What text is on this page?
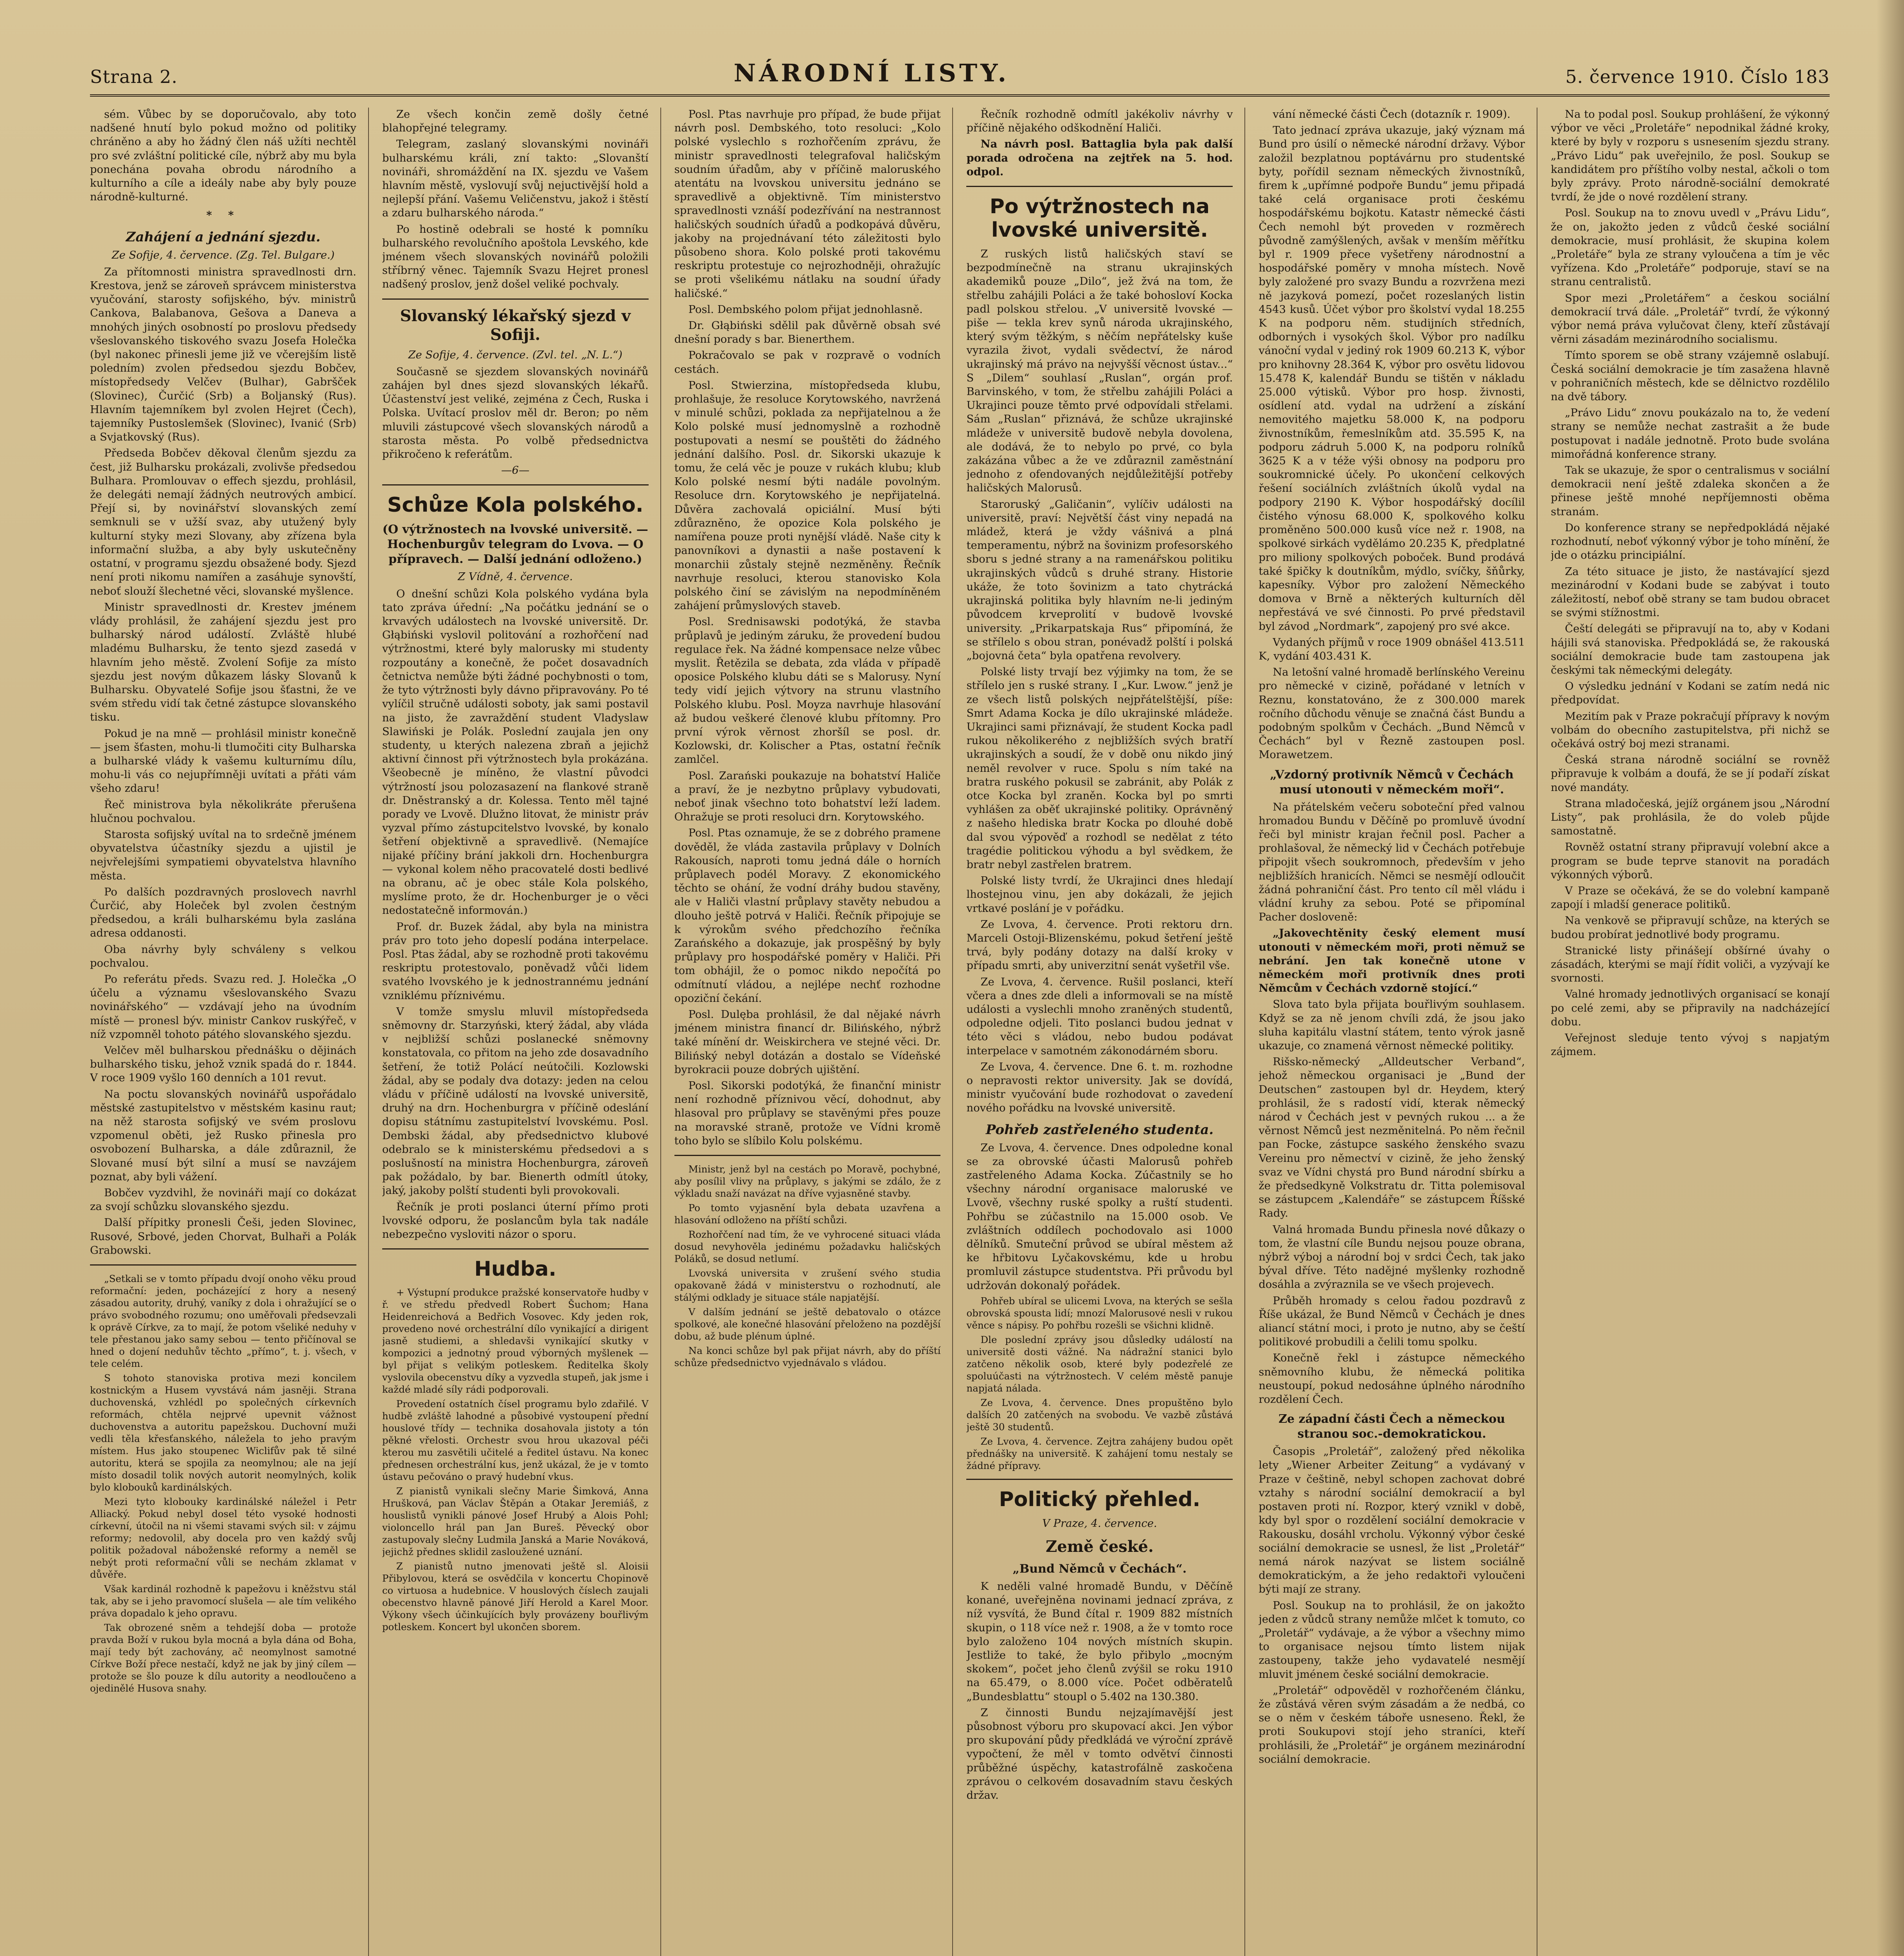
Strana 2.	NÁRODNÍ LISTY.	5. července 1910. Číslo 183

sém. Vůbec by se doporučovalo, aby toto nadšené hnutí bylo pokud možno od politiky chráněno a aby ho žádný člen náš užíti nechtěl pro své zvláštní politické cíle, nýbrž aby mu byla ponechána povaha obrodu národního a kulturního a cíle a ideály nabe aby byly pouze národně-kulturné.

* *
Zahájení a jednání sjezdu.
Ze Sofije, 4. července. (Zg. Tel. Bulgare.)

Za přítomnosti ministra spravedlnosti drn. Krestova, jenž se zároveň správcem ministerstva vyučování, starosty sofijského, býv. ministrů Cankova, Balabanova, Gešova a Daneva a mnohých jiných osobností po proslovu předsedy všeslovanského tiskového svazu Josefa Holečka (byl nakonec přinesli jeme již ve včerejším listě poledním) zvolen předsedou sjezdu Bobčev, místopředsedy Velčev (Bulhar), Gabršček (Slovinec), Čurčić (Srb) a Boljanský (Rus). Hlavním tajemníkem byl zvolen Hejret (Čech), tajemníky Pustoslemšek (Slovinec), Ivanić (Srb) a Svjatkovský (Rus).

Předseda Bobčev děkoval členům sjezdu za čest, již Bulharsku prokázali, zvolivše předsedou Bulhara. Promlouvav o effech sjezdu, prohlásil, že delegáti nemají žádných neutrových ambicí. Přejí si, by novinářství slovanských zemí semknuli se v užší svaz, aby utužený byly kulturní styky mezi Slovany, aby zřízena byla informační služba, a aby byly uskutečněny ostatní, v programu sjezdu obsažené body. Sjezd není proti nikomu namířen a zasáhuje synovští, neboť slouží šlechetné věci, slovanské myšlence.

Ministr spravedlnosti dr. Krestev jménem vlády prohlásil, že zahájení sjezdu jest pro bulharský národ událostí. Zvláště hlubé mladému Bulharsku, že tento sjezd zasedá v hlavním jeho městě. Zvolení Sofije za místo sjezdu jest novým důkazem lásky Slovanů k Bulharsku. Obyvatelé Sofije jsou šťastni, že ve svém středu vidí tak četné zástupce slovanského tisku.

Pokud je na mně — prohlásil ministr konečně — jsem šťasten, mohu-li tlumočiti city Bulharska a bulharské vlády k vašemu kulturnímu dílu, mohu-li vás co nejupřímněji uvítati a přáti vám všeho zdaru!

Řeč ministrova byla několikráte přerušena hlučnou pochvalou.

Starosta sofijský uvítal na to srdečně jménem obyvatelstva účastníky sjezdu a ujistil je nejvřelejšími sympatiemi obyvatelstva hlavního města.

Po dalších pozdravných proslovech navrhl Čurčić, aby Holeček byl zvolen čestným předsedou, a králi bulharskému byla zaslána adresa oddanosti.

Oba návrhy byly schváleny s velkou pochvalou.

Po referátu předs. Svazu red. J. Holečka „O účelu a významu všeslovanského Svazu novinářského“ — vzdávají jeho na úvodním místě — pronesl býv. ministr Cankov ruskýřeč, v níž vzpomněl tohoto pátého slovanského sjezdu.

Velčev měl bulharskou přednášku o dějinách bulharského tisku, jehož vznik spadá do r. 1844. V roce 1909 vyšlo 160 denních a 101 revut.

Na poctu slovanských novinářů uspořádalo městské zastupitelstvo v městském kasinu raut; na něž starosta sofijský ve svém proslovu vzpomenul oběti, jež Rusko přinesla pro osvobození Bulharska, a dále zdůraznil, že Slované musí být silní a musí se navzájem poznat, aby byli vážení.

Bobčev vyzdvihl, že novináři mají co dokázat za svojí schůzku slovanského sjezdu.

Další přípitky pronesli Češi, jeden Slovinec, Rusové, Srbové, jeden Chorvat, Bulhaři a Polák Grabowski.

„Setkali se v tomto případu dvojí onoho věku proud reformační: jeden, pocházející z hory a nesený zásadou autority, druhý, vaníky z dola i ohražující se o právo svobodného rozumu; ono uměřovali předsevzali k oprávě Církve, za to mají, že potom všeliké neduhy v tele přestanou jako samy sebou — tento přičínoval se hned o dojení neduhův těchto „přímo“, t. j. všech, v tele celém.

S tohoto stanoviska protiva mezi koncilem kostnickým a Husem vyvstává nám jasněji. Strana duchovenská, vzhlédl po společných církevních reformách, chtěla nejprvé upevnit vážnost duchovenstva a autoritu papežskou. Duchovní muži vedli těla křesťanského, náležela to jeho pravým místem. Hus jako stoupenec Wiclifův pak tě silné autoritu, která se spojila za neomylnou; ale na její místo dosadil tolik nových autorit neomylných, kolik bylo klobouků kardinálských.

Mezi tyto klobouky kardinálské náležel i Petr Alliacký. Pokud nebyl dosel této vysoké hodnosti církevní, útočil na ni všemi stavami svých sil: v zájmu reformy; nedovolil, aby docela pro ven každý svůj politik požadoval náboženské reformy a neměl se nebýt proti reformační vůli se nechám zklamat v důvěře.

Však kardinál rozhodně k papežovu i kněžstvu stál tak, aby se i jeho pravomocí slušela — ale tím velikého práva dopadalo k jeho opravu.

Tak obrozené sněm a tehdejší doba — protože pravda Boží v rukou byla mocná a byla dána od Boha, mají tedy být zachovány, ač neomylnost samotné Církve Boží přece nestačí, když ne jak by jiný cílem — protože se šlo pouze k dílu autority a neodloučeno a ojedinělé Husova snahy.

Ze všech končin země došly četné blahopřejné telegramy.

Telegram, zaslaný slovanskými novináři bulharskému králi, zní takto: „Slovanští novináři, shromáždění na IX. sjezdu ve Vašem hlavním městě, vyslovují svůj nejuctivější hold a nejlepší přání. Vašemu Veličenstvu, jakož i štěstí a zdaru bulharského národa.“

Po hostině odebrali se hosté k pomníku bulharského revolučního apoštola Levského, kde jménem všech slovanských novinářů položili stříbrný věnec. Tajemník Svazu Hejret pronesl nadšený proslov, jenž došel veliké pochvaly.

Slovanský lékařský sjezd v Sofiji.
Ze Sofije, 4. července. (Zvl. tel. „N. L.“)

Současně se sjezdem slovanských novinářů zahájen byl dnes sjezd slovanských lékařů. Účastenství jest veliké, zejména z Čech, Ruska i Polska. Uvítací proslov měl dr. Beron; po něm mluvili zástupcové všech slovanských národů a starosta města. Po volbě předsednictva přikročeno k referátům.

—6—
Schůze Kola polského.
(O výtržnostech na lvovské universitě. — Hochenburgův telegram do Lvova. — O přípravech. — Další jednání odloženo.)
Z Vídně, 4. července.

O dnešní schůzi Kola polského vydána byla tato zpráva úřední: „Na počátku jednání se o krvavých událostech na lvovské universitě. Dr. Głąbiński vyslovil politování a rozhořčení nad výtržnostmi, které byly malorusky mi studenty rozpoutány a konečně, že počet dosavadních četnictva nemůže býti žádné pochybnosti o tom, že tyto výtržnosti byly dávno připravovány. Po té vylíčil stručně události soboty, jak sami postavil na jisto, že zavraždění student Vladyslaw Slawiński je Polák. Poslední zaujala jen ony studenty, u kterých nalezena zbraň a jejichž aktivní činnost při výtržnostech byla prokázána. Všeobecně je míněno, že vlastní původci výtržností jsou polozasazení na flankové straně dr. Dněstranský a dr. Kolessa. Tento měl tajné porady ve Lvově. Dlužno litovat, že ministr práv vyzval přímo zástupcitelstvo lvovské, by konalo šetření objektivně a spravedlivě. (Nemajíce nijaké příčiny brání jakkoli drn. Hochenburgra — vykonal kolem něho pracovatelé dosti bedlivé na obranu, ač je obec stále Kola polského, myslíme proto, že dr. Hochenburger je o věci nedostatečně informován.)

Prof. dr. Buzek žádal, aby byla na ministra práv pro toto jeho dopeslí podána interpelace. Posl. Ptas žádal, aby se rozhodně proti takovému reskriptu protestovalo, poněvadž vůči lidem svatého lvovského je k jednostrannému jednání vzniklému příznivému.

V tomže smyslu mluvil místopředseda sněmovny dr. Starzyński, který žádal, aby vláda v nejbližší schůzi poslanecké sněmovny konstatovala, co přitom na jeho zde dosavadního šetření, že totiž Polácí neútočili. Kozlowski žádal, aby se podaly dva dotazy: jeden na celou vládu v příčině událostí na lvovské universitě, druhý na drn. Hochenburgra v příčině odeslání dopisu státnímu zastupitelství lvovskému. Posl. Dembski žádal, aby předsednictvo klubové odebralo se k ministerskému předsedovi a s poslušností na ministra Hochenburgra, zároveň pak požádalo, by bar. Bienerth odmítl útoky, jaký, jakoby polští studenti byli provokovali.

Řečník je proti poslanci úterní přímo proti lvovské odporu, že poslancům byla tak nadále nebezpečno vysloviti názor o sporu.

Hudba.

+ Výstupní produkce pražské konservatoře hudby v ř. ve středu předvedl Robert Šuchom; Hana Heidenreichová a Bedřich Vosovec. Kdy jeden rok, provedeno nové orchestrální dílo vynikající a dirigent jasně studiemi, a shledavši vynikající skutky v kompozici a jednotný proud výborných myšlenek — byl přijat s velikým potleskem. Ředitelka školy vyslovila obecenstvu díky a vyzvedla stupeň, jak jsme i každé mladé síly rádi podporovali.

Provedení ostatních čísel programu bylo zdařilé. V hudbě zvláště lahodné a působivé vystoupení přední houslové třídy — technika dosahovala jistoty a tón pěkné vřelosti. Orchestr svou hrou ukazoval péči kterou mu zasvětili učitelé a ředitel ústavu. Na konec přednesen orchestrální kus, jenž ukázal, že je v tomto ústavu pečováno o pravý hudební vkus.

Z pianistů vynikali slečny Marie Šimková, Anna Hrušková, pan Václav Štěpán a Otakar Jeremiáš, z houslistů vynikli pánové Josef Hrubý a Alois Pohl; violoncello hrál pan Jan Bureš. Pěvecký obor zastupovaly slečny Ludmila Janská a Marie Nováková, jejichž přednes sklidil zasloužené uznání.

Z pianistů nutno jmenovati ještě sl. Aloisii Přibylovou, která se osvědčila v koncertu Chopinově co virtuosa a hudebnice. V houslových číslech zaujali obecenstvo hlavně pánové Jiří Herold a Karel Moor. Výkony všech účinkujících byly provázeny bouřlivým potleskem. Koncert byl ukončen sborem.

Posl. Ptas navrhuje pro případ, že bude přijat návrh posl. Dembského, toto resoluci: „Kolo polské vyslechlo s rozhořčením zprávu, že ministr spravedlnosti telegrafoval haličským soudním úřadům, aby v příčině maloruského atentátu na lvovskou universitu jednáno se spravedlivě a objektivně. Tím ministerstvo spravedlnosti vznáší podezřívání na nestrannost haličských soudních úřadů a podkopává důvěru, jakoby na projednávaní této záležitosti bylo působeno shora. Kolo polské proti takovému reskriptu protestuje co nejrozhodněji, ohražujíc se proti všelikému nátlaku na soudní úřady haličské.“

Posl. Dembského polom přijat jednohlasně.

Dr. Głąbiński sdělil pak důvěrně obsah své dnešní porady s bar. Bienerthem.

Pokračovalo se pak v rozpravě o vodních cestách.

Posl. Stwierzina, místopředseda klubu, prohlašuje, že resoluce Korytowského, navržená v minulé schůzi, poklada za nepřijatelnou a že Kolo polské musí jednomyslně a rozhodně postupovati a nesmí se pouštěti do žádného jednání dalšího. Posl. dr. Sikorski ukazuje k tomu, že celá věc je pouze v rukách klubu; klub Kolo polské nesmí býti nadále povolným. Resoluce drn. Korytowského je nepřijatelná. Důvěra zachovalá opiciální. Musí býti zdůrazněno, že opozice Kola polského je namířena pouze proti nynější vládě. Naše city k panovníkovi a dynastii a naše postavení k monarchii zůstaly stejně nezměněny. Řečník navrhuje resoluci, kterou stanovisko Kola polského činí se závislým na nepodmíněném zahájení průmyslových staveb.

Posl. Srednisawski podotýká, že stavba průplavů je jediným záruku, že provedení budou regulace řek. Na žádné kompensace nelze vůbec myslit. Řetězila se debata, zda vláda v případě oposice Polského klubu dáti se s Malorusy. Nyní tedy vidí jejich výtvory na strunu vlastního Polského klubu. Posl. Moyza navrhuje hlasování až budou veškeré členové klubu přítomny. Pro první výrok věrnost zhoršíl se posl. dr. Kozlowski, dr. Kolischer a Ptas, ostatní řečník zamlčel.

Posl. Zarański poukazuje na bohatství Haliče a praví, že je nezbytno průplavy vybudovati, neboť jinak všechno toto bohatství leží ladem. Ohražuje se proti resoluci drn. Korytowského.

Posl. Ptas oznamuje, že se z dobrého pramene dověděl, že vláda zastavila průplavy v Dolních Rakousích, naproti tomu jedná dále o horních průplavech podél Moravy. Z ekonomického těchto se ohání, že vodní dráhy budou stavěny, ale v Haliči vlastní průplavy stavěty nebudou a dlouho ještě potrvá v Haliči. Řečník připojuje se k výrokům svého předchozího řečníka Zarańského a dokazuje, jak prospěšný by byly průplavy pro hospodářské poměry v Haliči. Při tom obhájil, že o pomoc nikdo nepočítá po odmítnutí vládou, a nejlépe nechť rozhodne opoziční čekání.

Posl. Dulęba prohlásil, že dal nějaké návrh jménem ministra financí dr. Bilińského, nýbrž také mínění dr. Weiskirchera ve stejné věci. Dr. Bilińský nebyl dotázán a dostalo se Vídeňské byrokracii pouze dobrých ujištění.

Posl. Sikorski podotýká, že finanční ministr není rozhodně příznivou věcí, dohodnut, aby hlasoval pro průplavy se stavěnými přes pouze na moravské straně, protože ve Vídni kromě toho bylo se slíbilo Kolu polskému.

Ministr, jenž byl na cestách po Moravě, pochybné, aby posílil vlivy na průplavy, s jakými se zdálo, že z výkladu snaží navázat na dříve vyjasněné stavby.

Po tomto vyjasnění byla debata uzavřena a hlasování odloženo na příští schůzi.

Rozhořčení nad tím, že ve vyhrocené situaci vláda dosud nevyhověla jedinému požadavku haličských Poláků, se dosud netlumí.

Lvovská universita v zrušení svého studia opakovaně žádá v ministerstvu o rozhodnutí, ale stálými odklady je situace stále napjatější.

V dalším jednání se ještě debatovalo o otázce spolkové, ale konečné hlasování přeloženo na pozdější dobu, až bude plénum úplné.

Na konci schůze byl pak přijat návrh, aby do příští schůze předsednictvo vyjednávalo s vládou.

Řečník rozhodně odmítl jakékoliv návrhy v příčině nějakého odškodnění Haliči.

Na návrh posl. Battaglia byla pak další porada odročena na zejtřek na 5. hod. odpol.

Po výtržnostech na lvovské universitě.

Z ruských listů haličských staví se bezpodmínečně na stranu ukrajinských akademiků pouze „Dilo“, jež žvá na tom, že střelbu zahájili Poláci a že také bohosloví Kocka padl polskou střelou. „V universitě lvovské — piše — tekla krev synů národa ukrajinského, který svým těžkým, s něčím nepřátelsky kuše vyrazila život, vydali svědectví, že národ ukrajinský má právo na nejvyšší věcnost ústav...“ S „Dilem“ souhlasí „Ruslan“, orgán prof. Barvinského, v tom, že střelbu zahájili Poláci a Ukrajinci pouze těmto prvé odpovídali střelami. Sám „Ruslan“ přiznává, že schůze ukrajinské mládeže v universitě budově nebyla dovolena, ale dodává, že to nebylo po prvé, co byla zakázána vůbec a že ve zdůraznil zaměstnání jednoho z ofendovaných nejdůležitější potřeby haličských Malorusů.

Staroruský „Galičanin“, vylíčiv události na universitě, praví: Největší část viny nepadá na mládež, která je vždy vášnivá a plná temperamentu, nýbrž na šovinizm profesorského sboru s jedné strany a na ramenářskou politiku ukrajinských vůdců s druhé strany. Historie ukáže, že toto šovinizm a tato chytrácká ukrajinská politika byly hlavním ne-li jediným původcem krveprolití v budově lvovské university. „Prikarpatskaja Rus“ připomíná, že se střílelo s obou stran, ponévadž polští i polská „bojovná četa“ byla opatřena revolvery.

Polské listy trvají bez výjimky na tom, že se střílelo jen s ruské strany. I „Kur. Lwow.“ jenž je ze všech listů polských nejpřátelštější, píše: Smrt Adama Kocka je dílo ukrajinské mládeže. Ukrajinci sami přiznávají, že student Kocka padl rukou několikerého z nejbližších svých bratří ukrajinských a soudí, že v době onu nikdo jiný neměl revolver v ruce. Spolu s ním také na bratra ruského pokusil se zabránit, aby Polák z otce Kocka byl zraněn. Kocka byl po smrti vyhlášen za oběť ukrajinské politiky. Oprávněný z našeho hlediska bratr Kocka po dlouhé době dal svou výpověď a rozhodl se nedělat z této tragédie politickou výhodu a byl svědkem, že bratr nebyl zastřelen bratrem.

Polské listy tvrdí, že Ukrajinci dnes hledají lhostejnou vinu, jen aby dokázali, že jejich vrtkavé poslání je v pořádku.

Ze Lvova, 4. července. Proti rektoru drn. Marceli Ostoji-Blizenskému, pokud šetření ještě trvá, byly podány dotazy na další kroky v případu smrti, aby univerzitní senát vyšetřil vše.

Ze Lvova, 4. července. Rušil poslanci, kteří včera a dnes zde dleli a informovali se na místě události a vyslechli mnoho zraněných studentů, odpoledne odjeli. Tito poslanci budou jednat v této věci s vládou, nebo budou podávat interpelace v samotném zákonodárném sboru.

Ze Lvova, 4. července. Dne 6. t. m. rozhodne o nepravosti rektor university. Jak se dovídá, ministr vyučování bude rozhodovat o zavedení nového pořádku na lvovské universitě.

Pohřeb zastřeleného studenta.

Ze Lvova, 4. července. Dnes odpoledne konal se za obrovské účasti Malorusů pohřeb zastřeleného Adama Kocka. Zúčastnily se ho všechny národní organisace maloruské ve Lvově, všechny ruské spolky a ruští studenti. Pohřbu se zúčastnilo na 15.000 osob. Ve zvláštních oddílech pochodovalo asi 1000 dělníků. Smuteční průvod se ubíral městem až ke hřbitovu Lyčakovskému, kde u hrobu promluvil zástupce studentstva. Při průvodu byl udržován dokonalý pořádek.

Pohřeb ubíral se ulicemi Lvova, na kterých se sešla obrovská spousta lidí; mnozí Malorusové nesli v rukou věnce s nápisy. Po pohřbu rozešli se všichni klidně.

Dle poslední zprávy jsou důsledky událostí na universitě dosti vážné. Na nádražní stanici bylo zatčeno několik osob, které byly podezřelé ze spoluúčasti na výtržnostech. V celém městě panuje napjatá nálada.

Ze Lvova, 4. července. Dnes propuštěno bylo dalších 20 zatčených na svobodu. Ve vazbě zůstává ještě 30 studentů.

Ze Lvova, 4. července. Zejtra zahájeny budou opět přednášky na universitě. K zahájení tomu nestaly se žádné přípravy.

Politický přehled.
V Praze, 4. července.
Země české.
„Bund Němců v Čechách“.

K neděli valné hromadě Bundu, v Děčíně konané, uveřejněna novinami jednací zpráva, z níž vysvítá, že Bund čítal r. 1909 882 místních skupin, o 118 více než r. 1908, a že v tomto roce bylo založeno 104 nových místních skupin. Jestliže to také, že bylo přibylo „mocným skokem“, počet jeho členů zvýšil se roku 1910 na 65.479, o 8.000 více. Počet odběratelů „Bundesblattu“ stoupl o 5.402 na 130.380.

Z činnosti Bundu nejzajímavější jest působnost výboru pro skupovací akci. Jen výbor pro skupování půdy předkládá ve výroční zprávě vypočtení, že měl v tomto odvětví činnosti průběžné úspěchy, katastrofálně zaskočena zprávou o celkovém dosavadním stavu českých držav.

vání německé části Čech (dotazník r. 1909).

Tato jednací zpráva ukazuje, jaký význam má Bund pro úsilí o německé národní državy. Výbor založil bezplatnou poptávárnu pro studentské byty, pořídil seznam německých živnostníků, firem k „upřímné podpoře Bundu“ jemu připadá také celá organisace proti českému hospodářskému bojkotu. Katastr německé části Čech nemohl být proveden v rozměrech původně zamýšlených, avšak v menším měřítku byl r. 1909 přece vyšetřeny národnostní a hospodářské poměry v mnoha místech. Nově byly založené pro svazy Bundu a rozvržena mezi ně jazyková pomezí, počet rozeslaných listin 4543 kusů. Účet výbor pro školství vydal 18.255 K na podporu něm. studijních středních, odborných i vysokých škol. Výbor pro nadílku vánoční vydal v jediný rok 1909 60.213 K, výbor pro knihovny 28.364 K, výbor pro osvětu lidovou 15.478 K, kalendář Bundu se tištěn v nákladu 25.000 výtisků. Výbor pro hosp. živnosti, osídlení atd. vydal na udržení a získání nemovitého majetku 58.000 K, na podporu živnostníkům, řemeslníkům atd. 35.595 K, na podporu zádruh 5.000 K, na podporu rolníků 3625 K a v téže výši obnosy na podporu pro soukromnické účely. Po ukončení celkových řešení sociálních zvláštních úkolů vydal na podpory 2190 K. Výbor hospodářský docílil čistého výnosu 68.000 K, spolkového kolku proměněno 500.000 kusů více než r. 1908, na spolkové sirkách vydělámo 20.235 K, předplatné pro miliony spolkových poboček. Bund prodává také špičky k doutníkům, mýdlo, svíčky, šňůrky, kapesníky. Výbor pro založení Německého domova v Brně a některých kulturních děl nepřestává ve své činnosti. Po prvé představil byl závod „Nordmark“, zapojený pro své akce.

Vydaných příjmů v roce 1909 obnášel 413.511 K, vydání 403.431 K.

Na letošní valné hromadě berlínského Vereinu pro německé v cizině, pořádané v letních v Reznu, konstatováno, že z 300.000 marek ročního důchodu věnuje se značná část Bundu a podobným spolkům v Čechách. „Bund Němců v Čechách“ byl v Řezně zastoupen posl. Morawetzem.

„Vzdorný protivník Němců v Čechách musí utonouti v německém moři“.

Na přátelském večeru soboteční před valnou hromadou Bundu v Děčíně po promluvě úvodní řeči byl ministr krajan řečnil posl. Pacher a prohlašoval, že německý lid v Čechách potřebuje připojit všech soukromnoch, především v jeho nejbližších hranicích. Němci se nesmějí odloučit žádná pohraniční část. Pro tento cíl měl vládu i vládní kruhy za sebou. Poté se připomínal Pacher dosloveně:

„Jakovechtěnity český element musí utonouti v německém moři, proti němuž se nebrání. Jen tak konečně utone v německém moři protivník dnes proti Němcům v Čechách vzdorně stojící.“

Slova tato byla přijata bouřlivým souhlasem. Když se za ně jenom chvíli zdá, že jsou jako sluha kapitálu vlastní státem, tento výrok jasně ukazuje, co znamená věrnost německé politiky.

Rišsko-německý „Alldeutscher Verband“, jehož německou organisaci je „Bund der Deutschen“ zastoupen byl dr. Heydem, který prohlásil, že s radostí vidí, kterak německý národ v Čechách jest v pevných rukou ... a že věrnost Němců jest nezměnitelná. Po něm řečnil pan Focke, zástupce saského ženského svazu Vereinu pro němectví v cizině, že jeho ženský svaz ve Vídni chystá pro Bund národní sbírku a že předsedkyně Volkstratu dr. Titta polemisoval se zástupcem „Kalendáře“ se zástupcem Říšské Rady.

Valná hromada Bundu přinesla nové důkazy o tom, že vlastní cíle Bundu nejsou pouze obrana, nýbrž výboj a národní boj v srdci Čech, tak jako býval dříve. Této nadějné myšlenky rozhodně dosáhla a zvýraznila se ve všech projevech.

Průběh hromady s celou řadou pozdravů z Říše ukázal, že Bund Němců v Čechách je dnes aliancí státní moci, i proto je nutno, aby se čeští politikové probudili a čelili tomu spolku.

Konečně řekl i zástupce německého sněmovního klubu, že německá politika neustoupí, pokud nedosáhne úplného národního rozdělení Čech.

Ze západní části Čech a německou stranou soc.-demokratickou.

Časopis „Proletář“, založený před několika lety „Wiener Arbeiter Zeitung“ a vydávaný v Praze v češtině, nebyl schopen zachovat dobré vztahy s národní sociální demokracií a byl postaven proti ní. Rozpor, který vznikl v době, kdy byl spor o rozdělení sociální demokracie v Rakousku, dosáhl vrcholu. Výkonný výbor české sociální demokracie se usnesl, že list „Proletář“ nemá nárok nazývat se listem sociálně demokratickým, a že jeho redaktoři vyloučeni býti mají ze strany.

Posl. Soukup na to prohlásil, že on jakožto jeden z vůdců strany nemůže mlčet k tomuto, co „Proletář“ vydávaje, a že výbor a všechny mimo to organisace nejsou tímto listem nijak zastoupeny, takže jeho vydavatelé nesmějí mluvit jménem české sociální demokracie.

„Proletář“ odpověděl v rozhořčeném článku, že zůstává věren svým zásadám a že nedbá, co se o něm v českém táboře usneseno. Řekl, že proti Soukupovi stojí jeho straníci, kteří prohlásili, že „Proletář“ je orgánem mezinárodní sociální demokracie.

Na to podal posl. Soukup prohlášení, že výkonný výbor ve věci „Proletáře“ nepodnikal žádné kroky, které by byly v rozporu s usnesením sjezdu strany. „Právo Lidu“ pak uveřejnilo, že posl. Soukup se kandidátem pro příštího volby nestal, ačkoli o tom byly zprávy. Proto národně-sociální demokraté tvrdí, že jde o nové rozdělení strany.

Posl. Soukup na to znovu uvedl v „Právu Lidu“, že on, jakožto jeden z vůdců české sociální demokracie, musí prohlásit, že skupina kolem „Proletáře“ byla ze strany vyloučena a tím je věc vyřízena. Kdo „Proletáře“ podporuje, staví se na stranu centralistů.

Spor mezi „Proletářem“ a českou sociální demokracií trvá dále. „Proletář“ tvrdí, že výkonný výbor nemá práva vylučovat členy, kteří zůstávají věrni zásadám mezinárodního socialismu.

Tímto sporem se obě strany vzájemně oslabují. Česká sociální demokracie je tím zasažena hlavně v pohraničních městech, kde se dělnictvo rozdělilo na dvě tábory.

„Právo Lidu“ znovu poukázalo na to, že vedení strany se nemůže nechat zastrašit a že bude postupovat i nadále jednotně. Proto bude svolána mimořádná konference strany.

Tak se ukazuje, že spor o centralismus v sociální demokracii není ještě zdaleka skončen a že přinese ještě mnohé nepříjemnosti oběma stranám.

Do konference strany se nepředpokládá nějaké rozhodnutí, neboť výkonný výbor je toho mínění, že jde o otázku principiální.

Za této situace je jisto, že nastávající sjezd mezinárodní v Kodani bude se zabývat i touto záležitostí, neboť obě strany se tam budou obracet se svými stížnostmi.

Čeští delegáti se připravují na to, aby v Kodani hájili svá stanoviska. Předpokládá se, že rakouská sociální demokracie bude tam zastoupena jak českými tak německými delegáty.

O výsledku jednání v Kodani se zatím nedá nic předpovídat.

Mezitím pak v Praze pokračují přípravy k novým volbám do obecního zastupitelstva, při nichž se očekává ostrý boj mezi stranami.

Česká strana národně sociální se rovněž připravuje k volbám a doufá, že se jí podaří získat nové mandáty.

Strana mladočeská, jejíž orgánem jsou „Národní Listy“, pak prohlásila, že do voleb půjde samostatně.

Rovněž ostatní strany připravují volební akce a program se bude teprve stanovit na poradách výkonných výborů.

V Praze se očekává, že se do volební kampaně zapojí i mladší generace politiků.

Na venkově se připravují schůze, na kterých se budou probírat jednotlivé body programu.

Stranické listy přinášejí obšírné úvahy o zásadách, kterými se mají řídit voliči, a vyzývají ke svornosti.

Valné hromady jednotlivých organisací se konají po celé zemi, aby se připravily na nadcházející dobu.

Veřejnost sleduje tento vývoj s napjatým zájmem.
